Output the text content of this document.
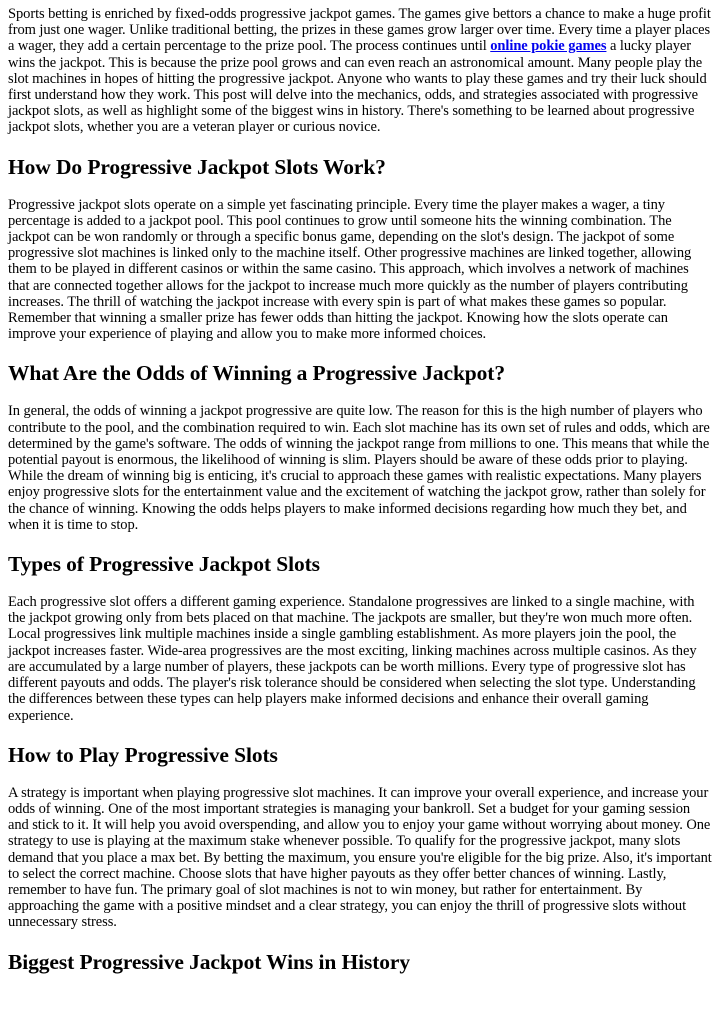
Sports betting is enriched by fixed-odds progressive jackpot games. The games give bettors a chance to make a huge profit from just one wager. Unlike traditional betting, the prizes in these games grow larger over time. Every time a player places a wager, they add a certain percentage to the prize pool. The process continues until online pokie games a lucky player wins the jackpot. This is because the prize pool grows and can even reach an astronomical amount. Many people play the slot machines in hopes of hitting the progressive jackpot. Anyone who wants to play these games and try their luck should first understand how they work. This post will delve into the mechanics, odds, and strategies associated with progressive jackpot slots, as well as highlight some of the biggest wins in history. There's something to be learned about progressive jackpot slots, whether you are a veteran player or curious novice.

How Do Progressive Jackpot Slots Work?

Progressive jackpot slots operate on a simple yet fascinating principle. Every time the player makes a wager, a tiny percentage is added to a jackpot pool. This pool continues to grow until someone hits the winning combination. The jackpot can be won randomly or through a specific bonus game, depending on the slot's design. The jackpot of some progressive slot machines is linked only to the machine itself. Other progressive machines are linked together, allowing them to be played in different casinos or within the same casino. This approach, which involves a network of machines that are connected together allows for the jackpot to increase much more quickly as the number of players contributing increases. The thrill of watching the jackpot increase with every spin is part of what makes these games so popular. Remember that winning a smaller prize has fewer odds than hitting the jackpot. Knowing how the slots operate can improve your experience of playing and allow you to make more informed choices.

What Are the Odds of Winning a Progressive Jackpot?

In general, the odds of winning a jackpot progressive are quite low. The reason for this is the high number of players who contribute to the pool, and the combination required to win. Each slot machine has its own set of rules and odds, which are determined by the game's software. The odds of winning the jackpot range from millions to one. This means that while the potential payout is enormous, the likelihood of winning is slim. Players should be aware of these odds prior to playing. While the dream of winning big is enticing, it's crucial to approach these games with realistic expectations. Many players enjoy progressive slots for the entertainment value and the excitement of watching the jackpot grow, rather than solely for the chance of winning. Knowing the odds helps players to make informed decisions regarding how much they bet, and when it is time to stop.

Types of Progressive Jackpot Slots

Each progressive slot offers a different gaming experience. Standalone progressives are linked to a single machine, with the jackpot growing only from bets placed on that machine. The jackpots are smaller, but they're won much more often. Local progressives link multiple machines inside a single gambling establishment. As more players join the pool, the jackpot increases faster. Wide-area progressives are the most exciting, linking machines across multiple casinos. As they are accumulated by a large number of players, these jackpots can be worth millions. Every type of progressive slot has different payouts and odds. The player's risk tolerance should be considered when selecting the slot type. Understanding the differences between these types can help players make informed decisions and enhance their overall gaming experience.

How to Play Progressive Slots

A strategy is important when playing progressive slot machines. It can improve your overall experience, and increase your odds of winning. One of the most important strategies is managing your bankroll. Set a budget for your gaming session and stick to it. It will help you avoid overspending, and allow you to enjoy your game without worrying about money. One strategy to use is playing at the maximum stake whenever possible. To qualify for the progressive jackpot, many slots demand that you place a max bet. By betting the maximum, you ensure you're eligible for the big prize. Also, it's important to select the correct machine. Choose slots that have higher payouts as they offer better chances of winning. Lastly, remember to have fun. The primary goal of slot machines is not to win money, but rather for entertainment. By approaching the game with a positive mindset and a clear strategy, you can enjoy the thrill of progressive slots without unnecessary stress.

Biggest Progressive Jackpot Wins in History
